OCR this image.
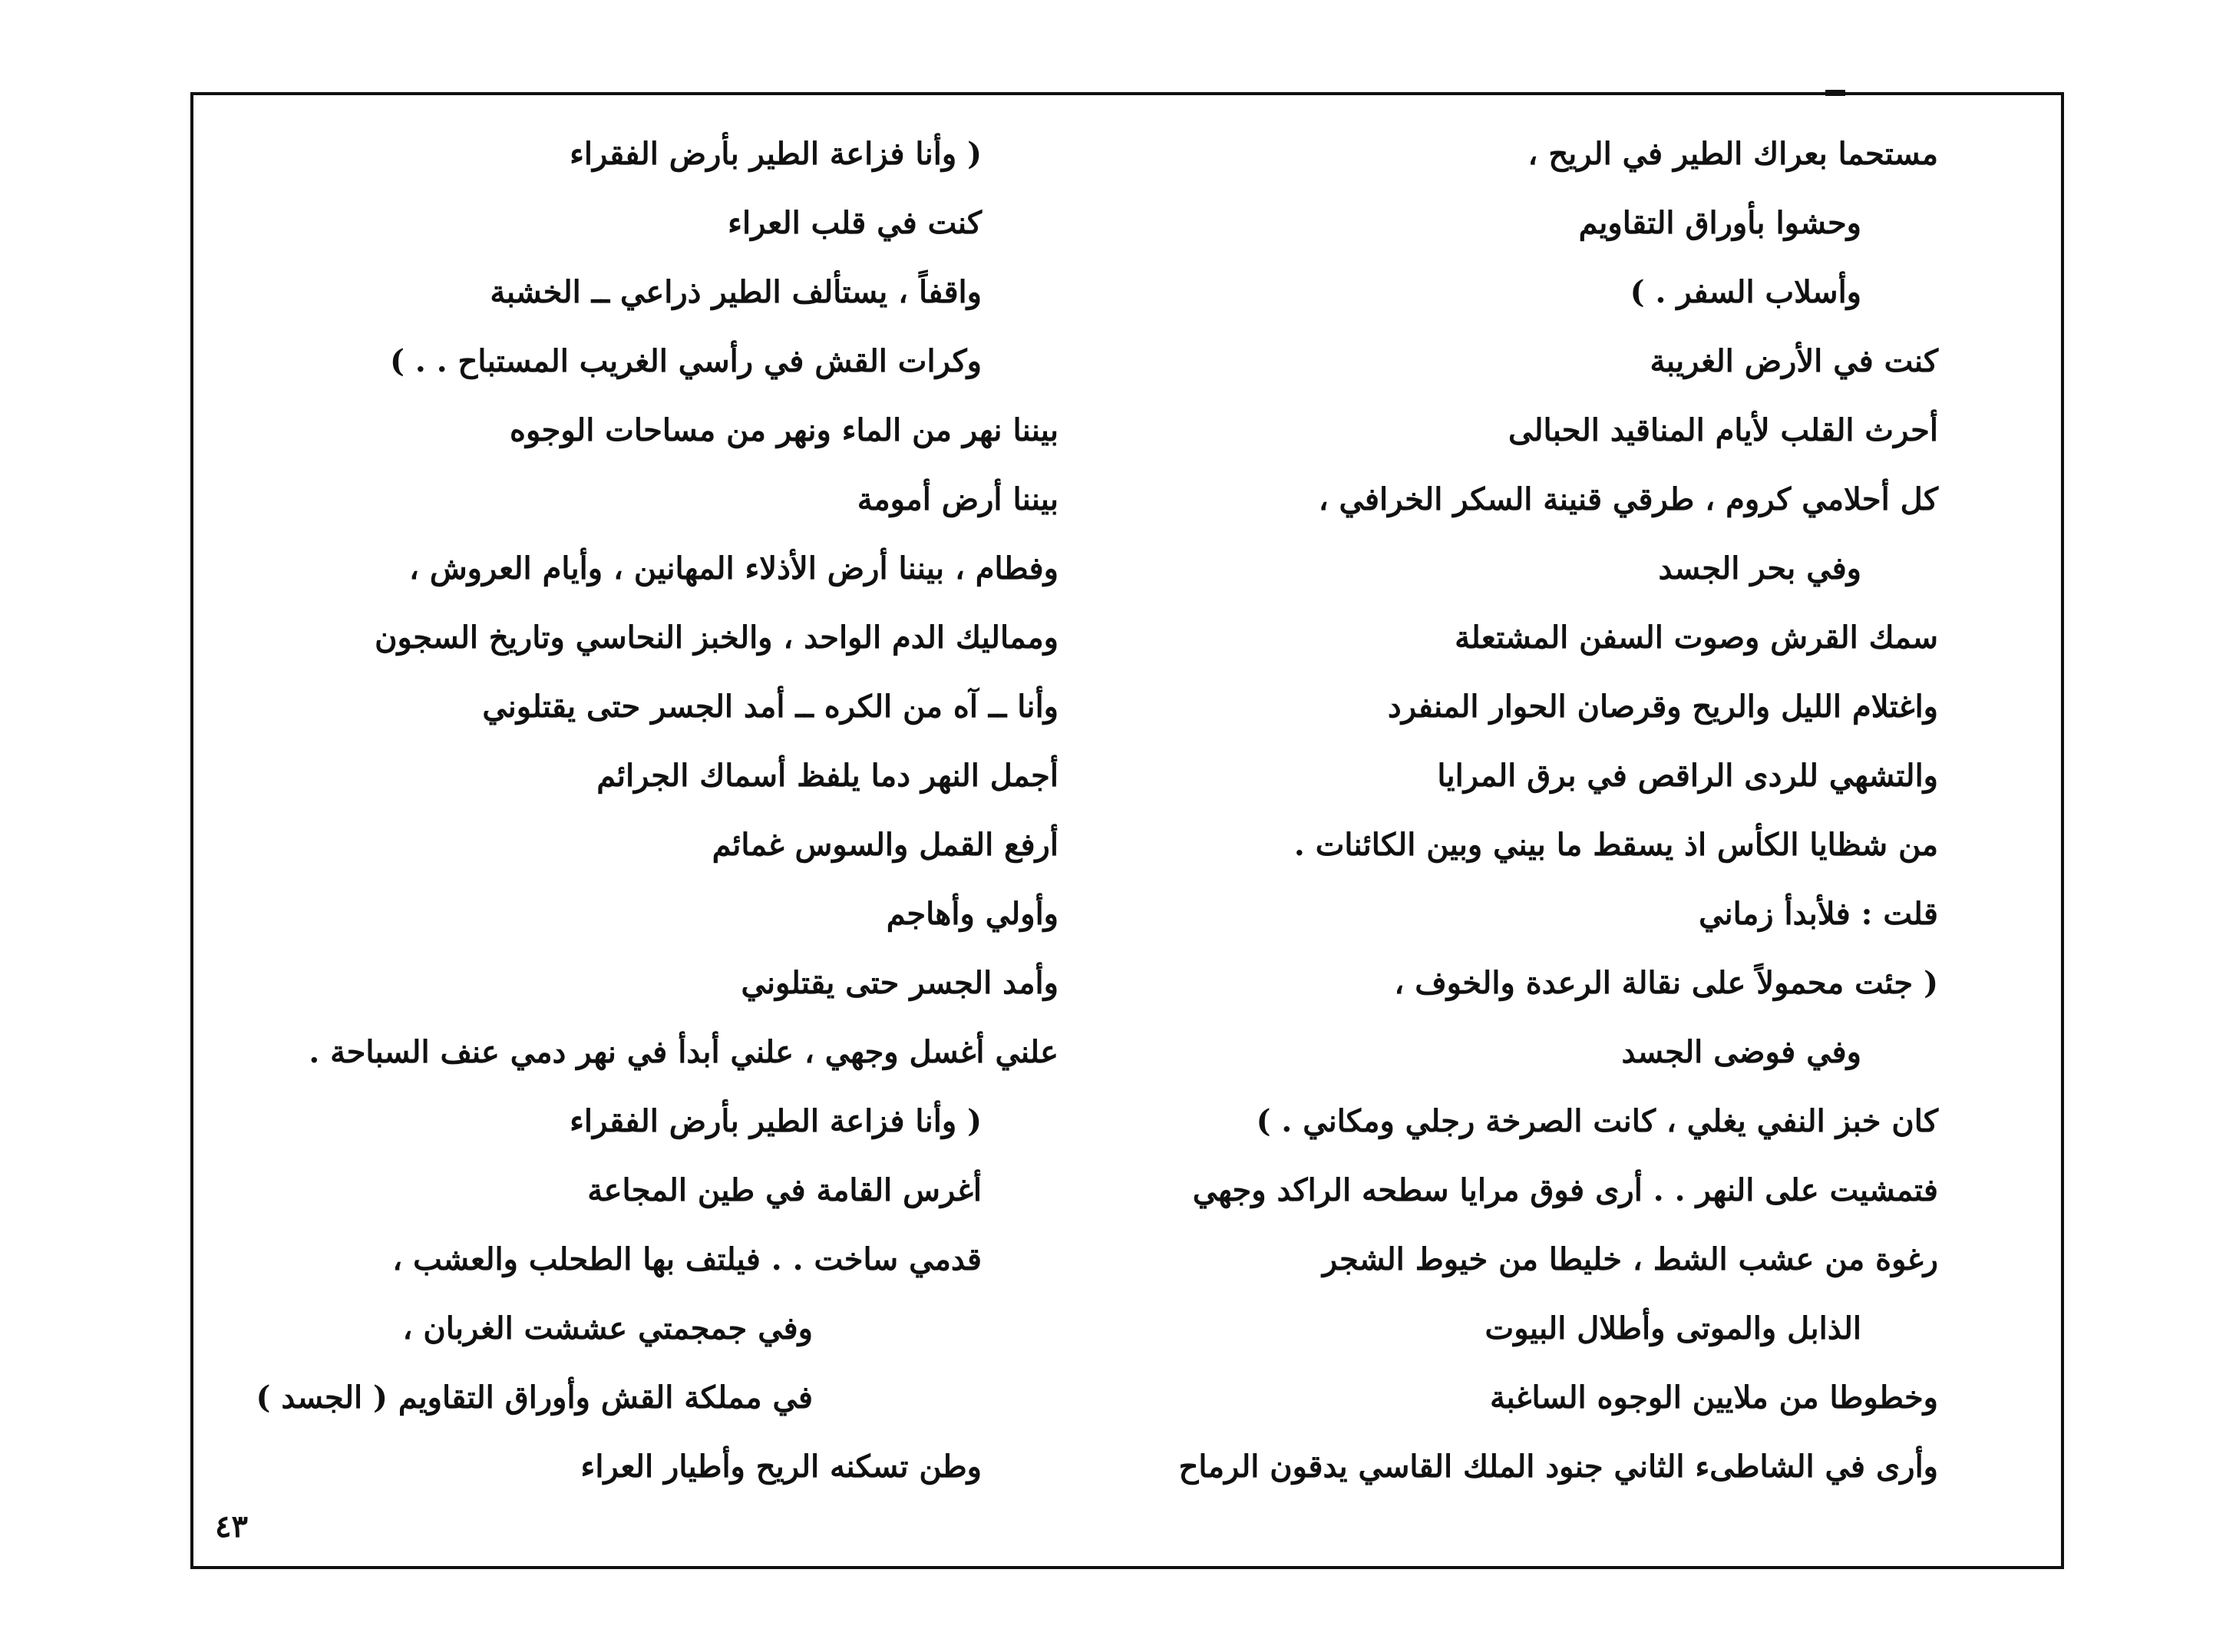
مستحما بعراك الطير في الريح ،
وحشوا بأوراق التقاويم
وأسلاب السفر . )
كنت في الأرض الغريبة
أحرث القلب لأيام المناقيد الحبالى
كل أحلامي كروم ، طرقي قنينة السكر الخرافي ،
وفي بحر الجسد
سمك القرش وصوت السفن المشتعلة
واغتلام الليل والريح وقرصان الحوار المنفرد
والتشهي للردى الراقص في برق المرايا
من شظايا الكأس اذ يسقط ما بيني وبين الكائنات .
قلت : فلأبدأ زماني
( جئت محمولاً على نقالة الرعدة والخوف ،
وفي فوضى الجسد
كان خبز النفي يغلي ، كانت الصرخة رجلي ومكاني . )
فتمشيت على النهر . . أرى فوق مرايا سطحه الراكد وجهي
رغوة من عشب الشط ، خليطا من خيوط الشجر
الذابل والموتى وأطلال البيوت
وخطوطا من ملايين الوجوه الساغبة
وأرى في الشاطىء الثاني جنود الملك القاسي يدقون الرماح
( وأنا فزاعة الطير بأرض الفقراء
كنت في قلب العراء
واقفاً ، يستألف الطير ذراعي ــ الخشبة
وكرات القش في رأسي الغريب المستباح . . )
بيننا نهر من الماء ونهر من مساحات الوجوه
بيننا أرض أمومة
وفطام ، بيننا أرض الأذلاء المهانين ، وأيام العروش ،
ومماليك الدم الواحد ، والخبز النحاسي وتاريخ السجون
وأنا ــ آه من الكره ــ أمد الجسر حتى يقتلوني
أجمل النهر دما يلفظ أسماك الجرائم
أرفع القمل والسوس غمائم
وأولي وأهاجم
وأمد الجسر حتى يقتلوني
علني أغسل وجهي ، علني أبدأ في نهر دمي عنف السباحة .
( وأنا فزاعة الطير بأرض الفقراء
أغرس القامة في طين المجاعة
قدمي ساخت . . فيلتف بها الطحلب والعشب ،
وفي جمجمتي عششت الغربان ،
في مملكة القش وأوراق التقاويم ( الجسد )
وطن تسكنه الريح وأطيار العراء
٤٣
